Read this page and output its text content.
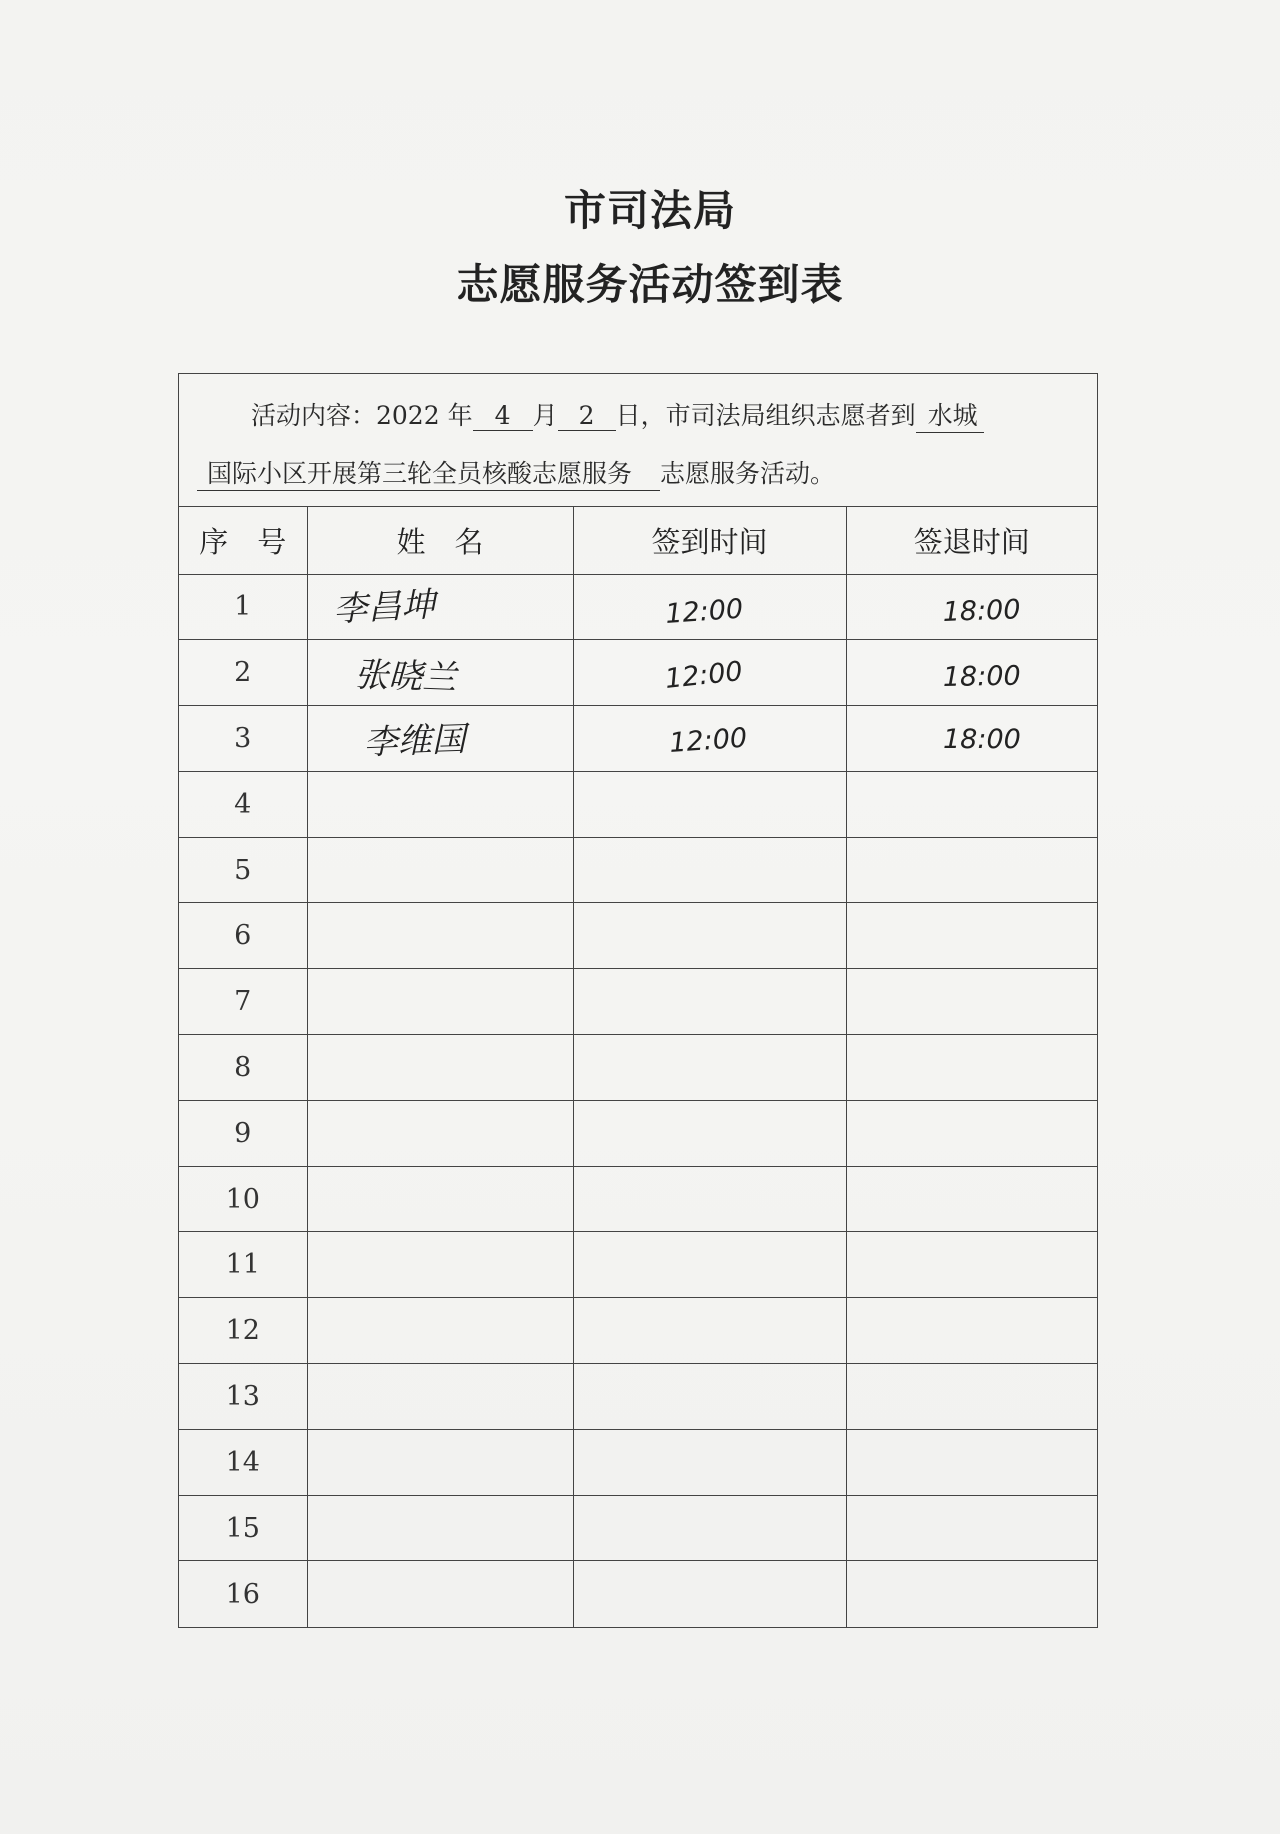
市司法局
志愿服务活动签到表
活动内容：2022 年 4 月 2 日，市司法局组织志愿者到 水城
国际小区开展第三轮全员核酸志愿服务 志愿服务活动。
序　号	姓　名	签到时间	签退时间
1	李昌坤	12:00	18:00

2	张晓兰	12:00	18:00

3	李维国	12:00	18:00

4			
5			
6			
7			
8			
9			
10			
11			
12			
13			
14			
15			
16			
